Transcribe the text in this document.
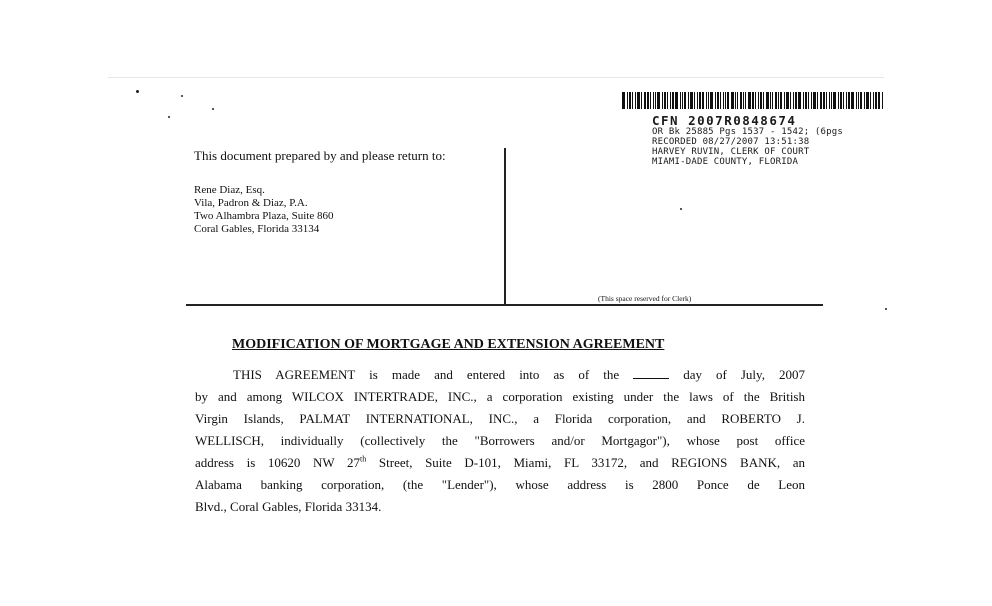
CFN 2007R0848674
OR Bk 25885 Pgs 1537 - 1542; (6pgs
RECORDED 08/27/2007 13:51:38
HARVEY RUVIN, CLERK OF COURT
MIAMI-DADE COUNTY, FLORIDA
This document prepared by and please return to:
Rene Diaz, Esq.
Vila, Padron & Diaz, P.A.
Two Alhambra Plaza, Suite 860
Coral Gables, Florida 33134
(This space reserved for Clerk)
MODIFICATION OF MORTGAGE AND EXTENSION AGREEMENT
THIS AGREEMENT is made and entered into as of the	day of July, 2007
by and among WILCOX INTERTRADE, INC., a corporation existing under the laws of the British
Virgin Islands, PALMAT INTERNATIONAL, INC., a Florida corporation, and ROBERTO J.
WELLISCH, individually (collectively the "Borrowers and/or Mortgagor"), whose post office
address is 10620 NW 27th Street, Suite D-101, Miami, FL 33172, and REGIONS BANK, an
Alabama banking corporation, (the "Lender"), whose address is 2800 Ponce de Leon
Blvd., Coral Gables, Florida 33134.
